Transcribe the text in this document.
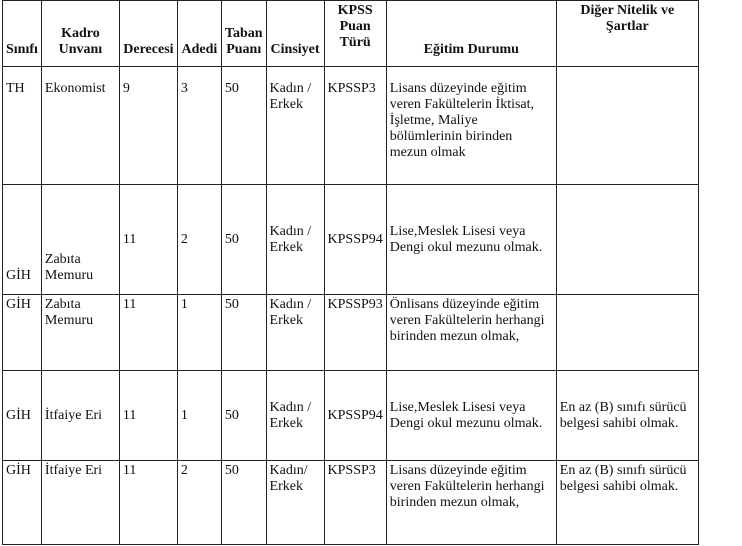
Sınıfı	Kadro Unvanı	Derecesi	Adedi	Taban Puanı	Cinsiyet	KPSS Puan Türü	Eğitim Durumu	Diğer Nitelik ve Şartlar
TH	Ekonomist	9	3	50	Kadın / Erkek	KPSSP3	Lisans düzeyinde eğitim veren Fakültelerin İktisat, İşletme, Maliye bölümlerinin birinden mezun olmak	
GİH	Zabıta Memuru	11	2	50	Kadın / Erkek	KPSSP94	Lise,Meslek Lisesi veya Dengi okul mezunu olmak.	
GİH	Zabıta Memuru	11	1	50	Kadın / Erkek	KPSSP93	Önlisans düzeyinde eğitim veren Fakültelerin herhangi birinden mezun olmak,	
GİH	İtfaiye Eri	11	1	50	Kadın / Erkek	KPSSP94	Lise,Meslek Lisesi veya Dengi okul mezunu olmak.	En az (B) sınıfı sürücü belgesi sahibi olmak.
GİH	İtfaiye Eri	11	2	50	Kadın/ Erkek	KPSSP3	Lisans düzeyinde eğitim veren Fakültelerin herhangi birinden mezun olmak,	En az (B) sınıfı sürücü belgesi sahibi olmak.
